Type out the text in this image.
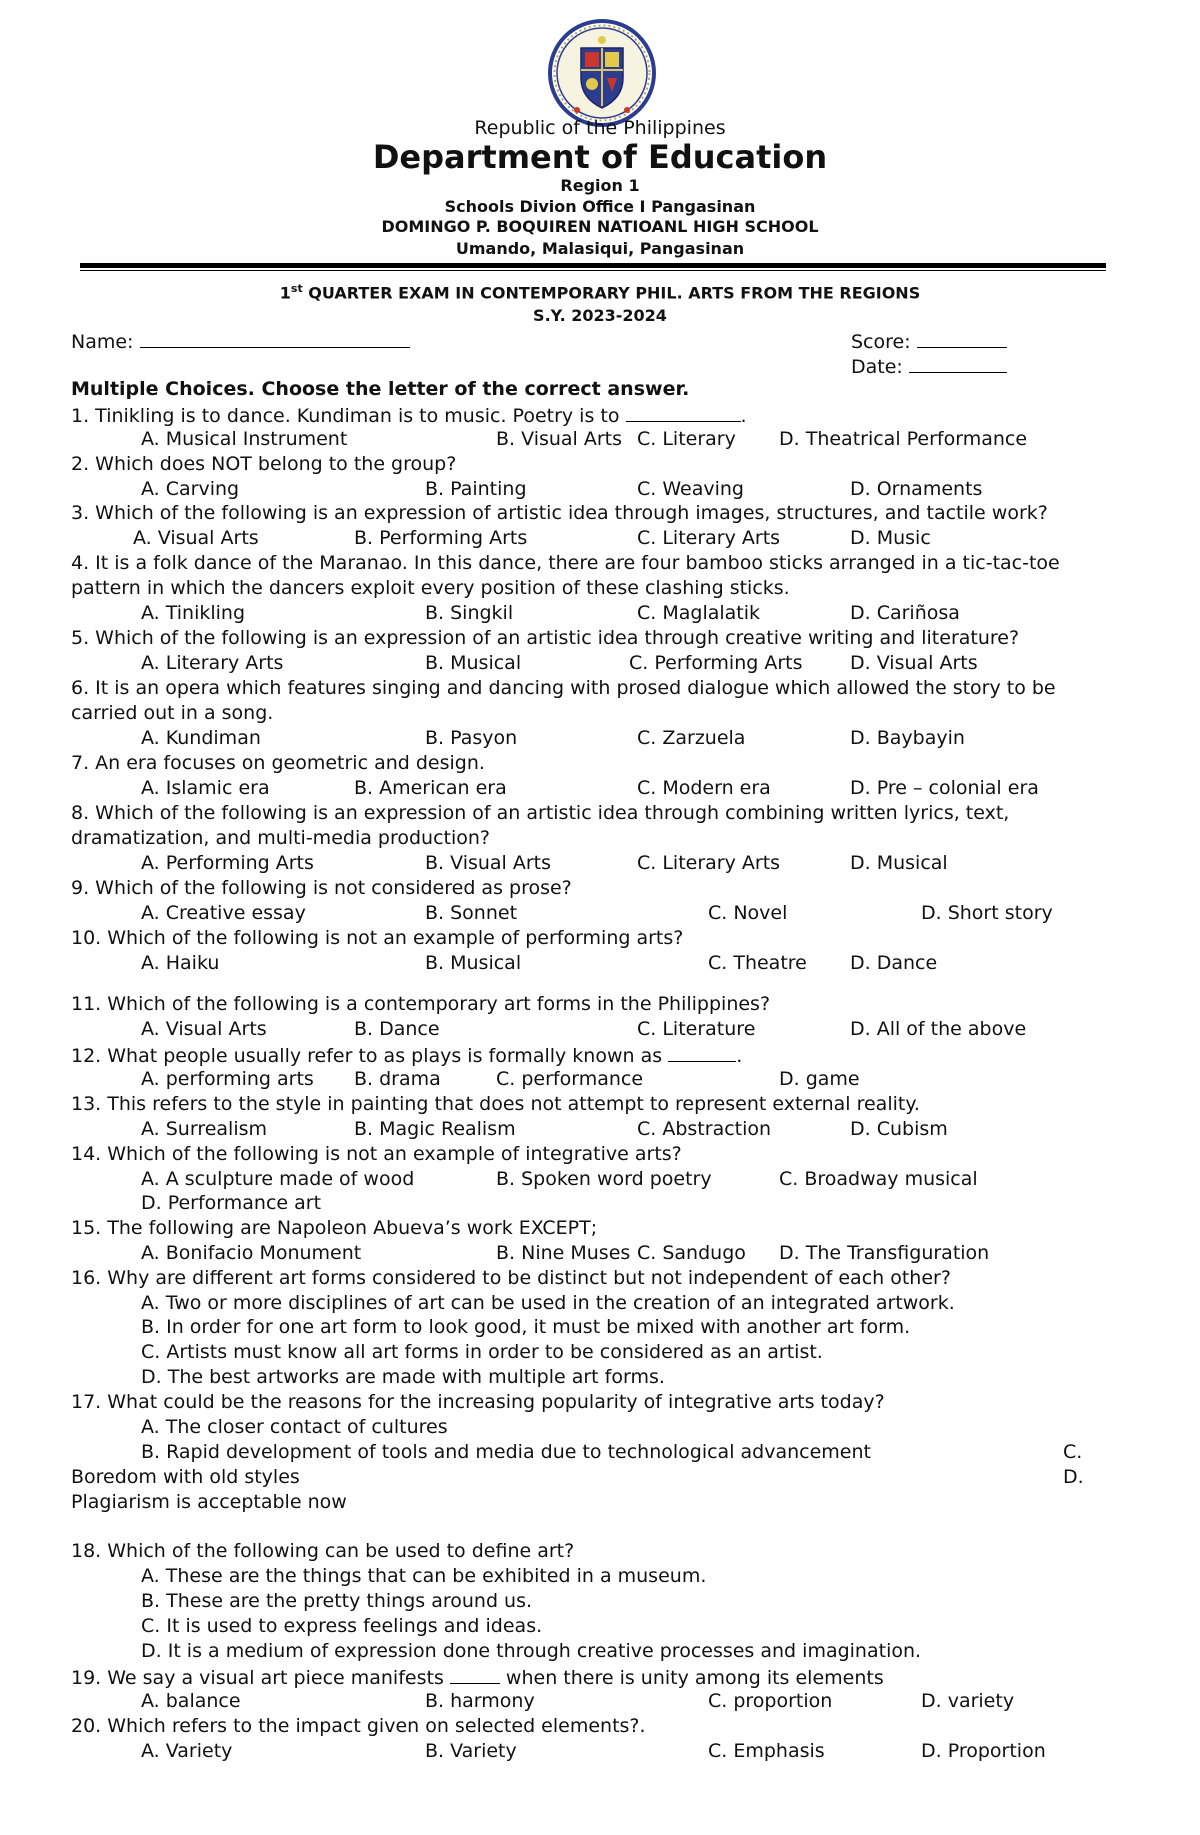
Republic of the Philippines
Department of Education
Region 1
Schools Divion Office I Pangasinan
DOMINGO P. BOQUIREN NATIOANL HIGH SCHOOL
Umando, Malasiqui, Pangasinan
1st QUARTER EXAM IN CONTEMPORARY PHIL. ARTS FROM THE REGIONS
S.Y. 2023-2024
Name:	Score:
Date:
Multiple Choices. Choose the letter of the correct answer.
1. Tinikling is to dance. Kundiman is to music. Poetry is to	.
A. Musical Instrument	B. Visual Arts C. Literary D. Theatrical Performance
2. Which does NOT belong to the group?
A. Carving	B. Painting	C. Weaving	D. Ornaments
3. Which of the following is an expression of artistic idea through images, structures, and tactile work?
A. Visual Arts	B. Performing Arts	C. Literary Arts	D. Music
4. It is a folk dance of the Maranao. In this dance, there are four bamboo sticks arranged in a tic-tac-toe
pattern in which the dancers exploit every position of these clashing sticks.
A. Tinikling	B. Singkil	C. Maglalatik	D. Cariñosa
5. Which of the following is an expression of an artistic idea through creative writing and literature?
A. Literary Arts	B. Musical	C. Performing Arts D. Visual Arts
6. It is an opera which features singing and dancing with prosed dialogue which allowed the story to be
carried out in a song.
A. Kundiman	B. Pasyon	C. Zarzuela	D. Baybayin
7. An era focuses on geometric and design.
A. Islamic era	B. American era	C. Modern era	D. Pre – colonial era
8. Which of the following is an expression of an artistic idea through combining written lyrics, text,
dramatization, and multi-media production?
A. Performing Arts	B. Visual Arts	C. Literary Arts	D. Musical
9. Which of the following is not considered as prose?
A. Creative essay	B. Sonnet	C. Novel	D. Short story
10. Which of the following is not an example of performing arts?
A. Haiku	B. Musical	C. Theatre D. Dance
11. Which of the following is a contemporary art forms in the Philippines?
A. Visual Arts	B. Dance	C. Literature	D. All of the above
12. What people usually refer to as plays is formally known as	.
A. performing arts B. drama	C. performance	D. game
13. This refers to the style in painting that does not attempt to represent external reality.
A. Surrealism	B. Magic Realism	C. Abstraction	D. Cubism
14. Which of the following is not an example of integrative arts?
A. A sculpture made of wood	B. Spoken word poetry	C. Broadway musical
D. Performance art
15. The following are Napoleon Abueva’s work EXCEPT;
A. Bonifacio Monument	B. Nine Muses C. Sandugo D. The Transfiguration
16. Why are different art forms considered to be distinct but not independent of each other?
A. Two or more disciplines of art can be used in the creation of an integrated artwork.
B. In order for one art form to look good, it must be mixed with another art form.
C. Artists must know all art forms in order to be considered as an artist.
D. The best artworks are made with multiple art forms.
17. What could be the reasons for the increasing popularity of integrative arts today?
A. The closer contact of cultures
B. Rapid development of tools and media due to technological advancement	C.
Boredom with old styles	D.
Plagiarism is acceptable now
18. Which of the following can be used to define art?
A. These are the things that can be exhibited in a museum.
B. These are the pretty things around us.
C. It is used to express feelings and ideas.
D. It is a medium of expression done through creative processes and imagination.
19. We say a visual art piece manifests	when there is unity among its elements
A. balance	B. harmony	C. proportion	D. variety
20. Which refers to the impact given on selected elements?.
A. Variety	B. Variety	C. Emphasis	D. Proportion
